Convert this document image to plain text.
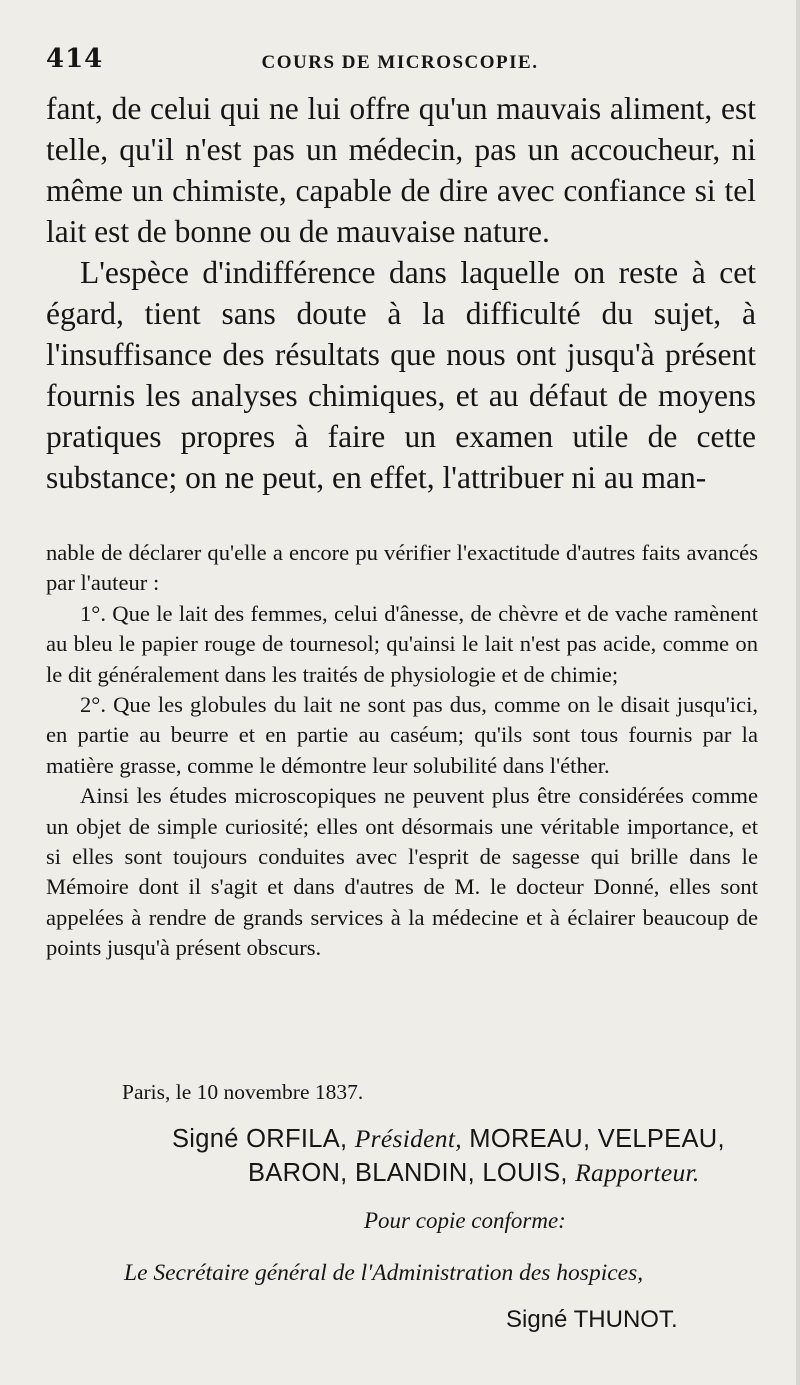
414	COURS DE MICROSCOPIE.

fant, de celui qui ne lui offre qu'un mauvais aliment, est telle, qu'il n'est pas un médecin, pas un accoucheur, ni même un chimiste, capable de dire avec confiance si tel lait est de bonne ou de mauvaise nature.

L'espèce d'indifférence dans laquelle on reste à cet égard, tient sans doute à la difficulté du sujet, à l'insuffisance des résultats que nous ont jusqu'à présent fournis les analyses chimiques, et au défaut de moyens pratiques propres à faire un examen utile de cette substance; on ne peut, en effet, l'attribuer ni au man-

nable de déclarer qu'elle a encore pu vérifier l'exactitude d'autres faits avancés par l'auteur :

1°. Que le lait des femmes, celui d'ânesse, de chèvre et de vache ramènent au bleu le papier rouge de tournesol; qu'ainsi le lait n'est pas acide, comme on le dit généralement dans les traités de physiologie et de chimie;

2°. Que les globules du lait ne sont pas dus, comme on le disait jusqu'ici, en partie au beurre et en partie au caséum; qu'ils sont tous fournis par la matière grasse, comme le démontre leur solubilité dans l'éther.

Ainsi les études microscopiques ne peuvent plus être considérées comme un objet de simple curiosité; elles ont désormais une véritable importance, et si elles sont toujours conduites avec l'esprit de sagesse qui brille dans le Mémoire dont il s'agit et dans d'autres de M. le docteur Donné, elles sont appelées à rendre de grands services à la médecine et à éclairer beaucoup de points jusqu'à présent obscurs.

Paris, le 10 novembre 1837.
Signé ORFILA, Président, MOREAU, VELPEAU,
BARON, BLANDIN, LOUIS, Rapporteur.
Pour copie conforme:
Le Secrétaire général de l'Administration des hospices,
Signé THUNOT.
